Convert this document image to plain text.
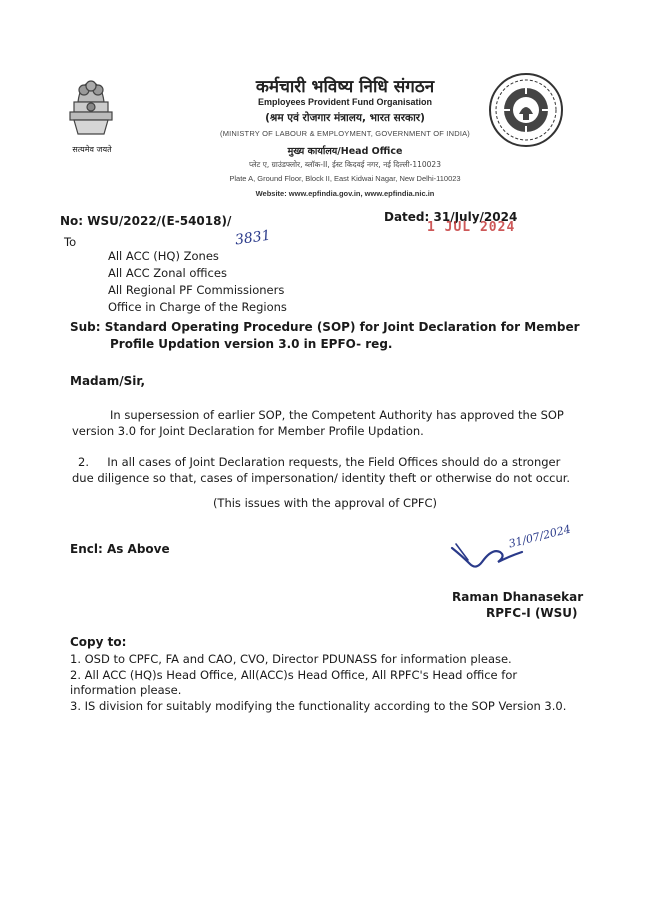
सत्यमेव जयते
कर्मचारी भविष्य निधि संगठन
Employees Provident Fund Organisation
(श्रम एवं रोजगार मंत्रालय, भारत सरकार)
(MINISTRY OF LABOUR & EMPLOYMENT, GOVERNMENT OF INDIA)
मुख्य कार्यालय/Head Office
प्लेट ए, ग्राउंडफ्लोर, ब्लॉक-II, ईस्ट किदवई नगर, नई दिल्ली-110023
Plate A, Ground Floor, Block II, East Kidwai Nagar, New Delhi-110023
Website: www.epfindia.gov.in, www.epfindia.nic.in
No: WSU/2022/(E-54018)/
3831
Dated: 31/July/2024
1 JUL 2024
To
All ACC (HQ) Zones
All ACC Zonal offices
All Regional PF Commissioners
Office in Charge of the Regions
Sub: Standard Operating Procedure (SOP) for Joint Declaration for Member
Profile Updation version 3.0 in EPFO- reg.
Madam/Sir,
In supersession of earlier SOP, the Competent Authority has approved the SOP
version 3.0 for Joint Declaration for Member Profile Updation.
2.     In all cases of Joint Declaration requests, the Field Offices should do a stronger
due diligence so that, cases of impersonation/ identity theft or otherwise do not occur.
(This issues with the approval of CPFC)
Encl: As Above	31/07/2024
Raman Dhanasekar
RPFC-I (WSU)
Copy to:
1. OSD to CPFC, FA and CAO, CVO, Director PDUNASS for information please.
2. All ACC (HQ)s Head Office, All(ACC)s Head Office, All RPFC's Head office for information please.
3. IS division for suitably modifying the functionality according to the SOP Version 3.0.
